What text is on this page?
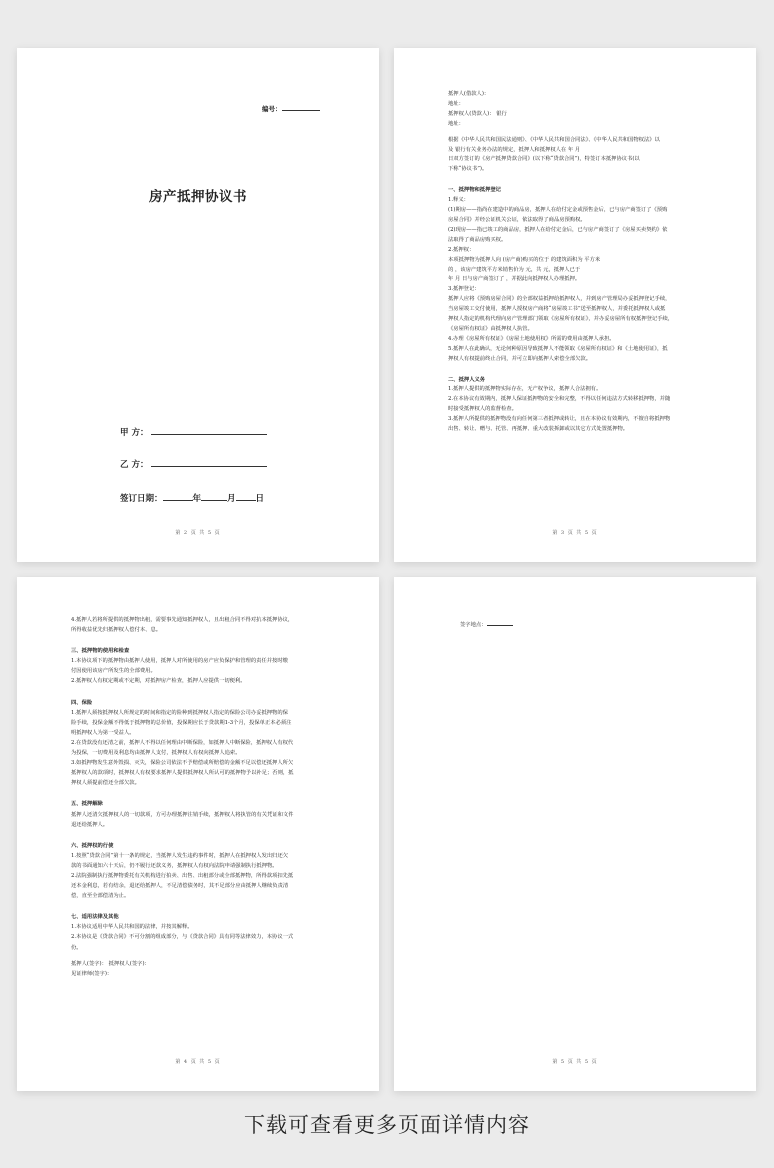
编号：
房产抵押协议书
甲 方：
乙 方：
签订日期：	年	月 日
第 2 页 共 5 页
抵押人(借款人)：
地址：
抵押权人(贷款人)： 银行
地址：
根据《中华人民共和国民法通则》、《中华人民共和国合同法》、《中华人民共和国物权法》以
及 银行有关业务办法的规定，抵押人和抵押权人在 年 月
日双方签订的《房产抵押贷款合同》(以下称“贷款合同”)，特签订本抵押协议书(以
下称“协议书”)。
一、抵押物和抵押登记
1.释义：
(1)期房——指尚在建造中的商品房，抵押人在给付定金或预售金后，已与房产商签订了《预购
房屋合同》并经公证机关公证，依法取得了商品房预购权。
(2)现房——指已竣工的商品房，抵押人在给付定金后，已与房产商签订了《房屋买卖契约》依
法取得了商品房购买权。
2.抵押权：
本项抵押物为抵押人向 (房产商)购买的位于 的建筑面积为 平方米
的 ，该房产建筑平方米销售价为 元，共 元，抵押人已于
年 月 日与房产商签订了 ，并据此向抵押权人办理抵押。
3.抵押登记：
抵押人应将《预购房屋合同》的全部权益抵押给抵押权人，并到房产管理局办妥抵押登记手续，
当房屋竣工交付使用，抵押人授权房产商将“房屋竣工书”送至抵押权人，并委托抵押权人或抵
押权人指定的机构代理向房产管理部门领取《房屋所有权证》，并办妥房屋所有权抵押登记手续，
《房屋所有权证》由抵押权人执管。
4.办理《房屋所有权证》《房屋土地使用权》所需的费用由抵押人承担。
5.抵押人在此确认，无论何种原因导致抵押人不能领取《房屋所有权证》和《土地使用证》，抵
押权人有权提前终止合同，并可立即向抵押人索偿全部欠款。
二、抵押人义务
1.抵押人提供的抵押物实际存在，无产权争议，抵押人合法拥有。
2.在本协议有效期内，抵押人保证抵押物的安全和完整，不得以任何违法方式转移抵押物，并随
时接受抵押权人的监督检查。
3.抵押人所提供的抵押物没有向任何第三者抵押或转让，且在本协议有效期内，不擅自将抵押物
出售、转让、赠与、托管、再抵押、重大改装拆卸或以其它方式处置抵押物。
第 3 页 共 5 页
4.抵押人若将所提供的抵押物出租，需要事先通知抵押权人，且出租合同不得对抗本抵押协议，
所得收益优先归抵押权人偿付本、息。
三、抵押物的使用和检查
1.本协议项下的抵押物由抵押人使用，抵押人对所使用的房产应负保护和管理的责任并按时缴
付因使用该房产所发生的全部费用。
2.抵押权人有权定期或不定期，对抵押房产检查，抵押人应提供一切便利。
四、保险
1.抵押人须按抵押权人所规定的时间和指定的险种到抵押权人指定的保险公司办妥抵押物的保
险手续，投保金额不得低于抵押物的总价值，投保期应长于贷款期1-3个月，投保单正本必须注
明抵押权人为第一受益人。
2.在贷款没有还清之前，抵押人不得以任何理由中断保险，如抵押人中断保险，抵押权人有权代
为投保，一切费用及利息均由抵押人支付，抵押权人有权向抵押人追索。
3.如抵押物发生意外毁损、灭失，保险公司依法不予赔偿或所赔偿的金额不足以偿还抵押人所欠
抵押权人的款项时，抵押权人有权要求抵押人提供抵押权人所认可的抵押物予以补足；否则，抵
押权人须提前偿还全部欠款。
五、抵押解除
抵押人还清欠抵押权人的一切款项，方可办理抵押注销手续，抵押权人将执管的有关凭证和文件
退还给抵押人。
六、抵押权的行使
1.按照“贷款合同”第十一条的规定，当抵押人发生违约事件时，抵押人在抵押权人发出归还欠
款的书面通知六十天后，仍不履行还款义务，抵押权人有权向法院申请强制执行抵押物。
2.法院强制执行抵押物委托有关机构进行拍卖、出售、出租部分或全部抵押物，所得款项扣先抵
还本金利息，若有结余，退还给抵押人，不足清偿债务时，其不足部分应由抵押人继续负责清
偿，直至全部偿清为止。
七、适用法律及其他
1.本协议适用中华人民共和国的法律，并按其解释。
2.本协议是《贷款合同》不可分割的组成部分，与《贷款合同》具有同等法律效力，本协议一式
份。
抵押人(签字)： 抵押权人(签字)：
见证律师(签字)：
第 4 页 共 5 页
签字地点：
第 5 页 共 5 页
下载可查看更多页面详情内容
